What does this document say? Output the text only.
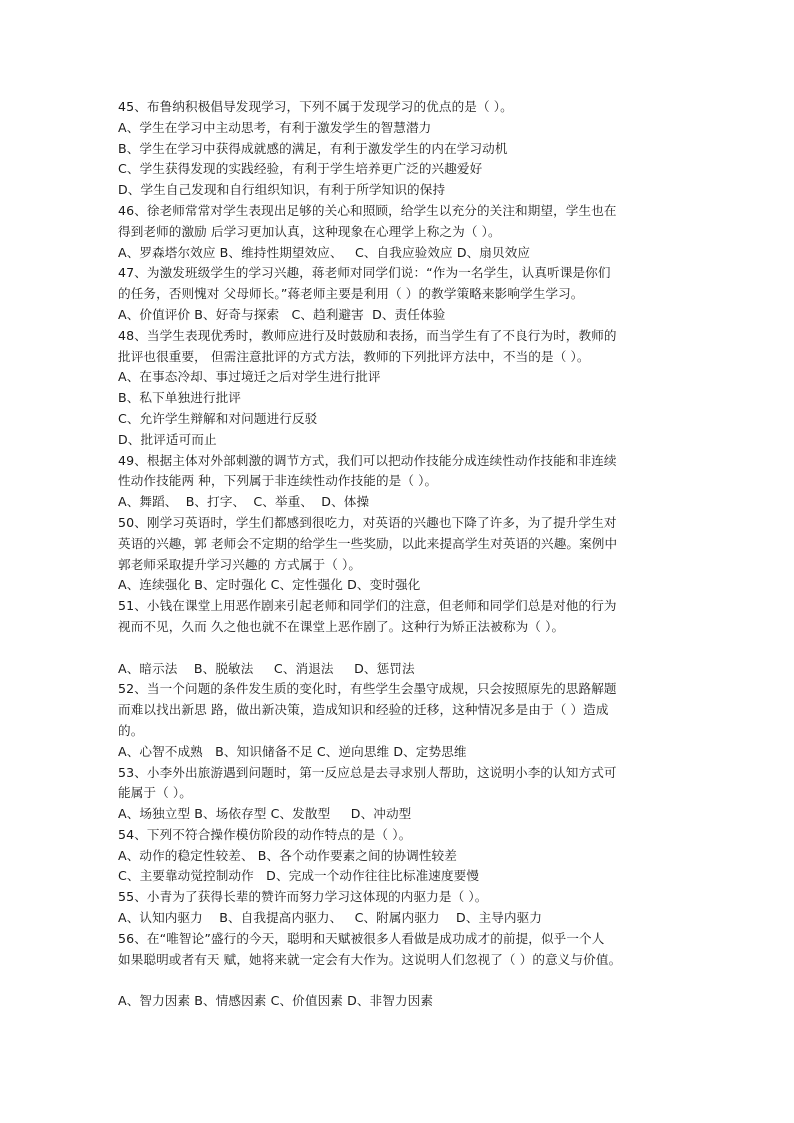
45、布鲁纳积极倡导发现学习，下列不属于发现学习的优点的是（ ）。
A、学生在学习中主动思考，有利于激发学生的智慧潜力
B、学生在学习中获得成就感的满足，有利于激发学生的内在学习动机
C、学生获得发现的实践经验，有利于学生培养更广泛的兴趣爱好
D、学生自己发现和自行组织知识，有利于所学知识的保持
46、徐老师常常对学生表现出足够的关心和照顾，给学生以充分的关注和期望，学生也在
得到老师的激励 后学习更加认真，这种现象在心理学上称之为（ ）。
A、罗森塔尔效应 B、维持性期望效应、   C、自我应验效应 D、扇贝效应
47、为激发班级学生的学习兴趣，蒋老师对同学们说：“作为一名学生，认真听课是你们
的任务，否则愧对 父母师长。”蒋老师主要是利用（ ）的教学策略来影响学生学习。
A、价值评价 B、好奇与探索   C、趋利避害  D、责任体验
48、当学生表现优秀时，教师应进行及时鼓励和表扬，而当学生有了不良行为时，教师的
批评也很重要， 但需注意批评的方式方法，教师的下列批评方法中，不当的是（ ）。
A、在事态冷却、事过境迁之后对学生进行批评
B、私下单独进行批评
C、允许学生辩解和对问题进行反驳
D、批评适可而止
49、根据主体对外部刺激的调节方式，我们可以把动作技能分成连续性动作技能和非连续
性动作技能两 种，下列属于非连续性动作技能的是（ ）。
A、舞蹈、  B、打字、  C、举重、  D、体操
50、刚学习英语时，学生们都感到很吃力，对英语的兴趣也下降了许多，为了提升学生对
英语的兴趣，郭 老师会不定期的给学生一些奖励，以此来提高学生对英语的兴趣。案例中
郭老师采取提升学习兴趣的 方式属于（ ）。
A、连续强化 B、定时强化 C、定性强化 D、变时强化
51、小钱在课堂上用恶作剧来引起老师和同学们的注意，但老师和同学们总是对他的行为
视而不见，久而 久之他也就不在课堂上恶作剧了。这种行为矫正法被称为（ ）。
A、暗示法    B、脱敏法     C、消退法     D、惩罚法
52、当一个问题的条件发生质的变化时，有些学生会墨守成规，只会按照原先的思路解题
而难以找出新思 路，做出新决策，造成知识和经验的迁移，这种情况多是由于（ ）造成
的。
A、心智不成熟   B、知识储备不足 C、逆向思维 D、定势思维
53、小李外出旅游遇到问题时，第一反应总是去寻求别人帮助，这说明小李的认知方式可
能属于（ ）。
A、场独立型 B、场依存型 C、发散型     D、冲动型
54、下列不符合操作模仿阶段的动作特点的是（ ）。
A、动作的稳定性较差、 B、各个动作要素之间的协调性较差
C、主要靠动觉控制动作   D、完成一个动作往往比标准速度要慢
55、小青为了获得长辈的赞许而努力学习这体现的内驱力是（ ）。
A、认知内驱力    B、自我提高内驱力、   C、附属内驱力    D、主导内驱力
56、在“唯智论”盛行的今天，聪明和天赋被很多人看做是成功成才的前提，似乎一个人
如果聪明或者有天 赋，她将来就一定会有大作为。这说明人们忽视了（ ）的意义与价值。
A、智力因素 B、情感因素 C、价值因素 D、非智力因素
